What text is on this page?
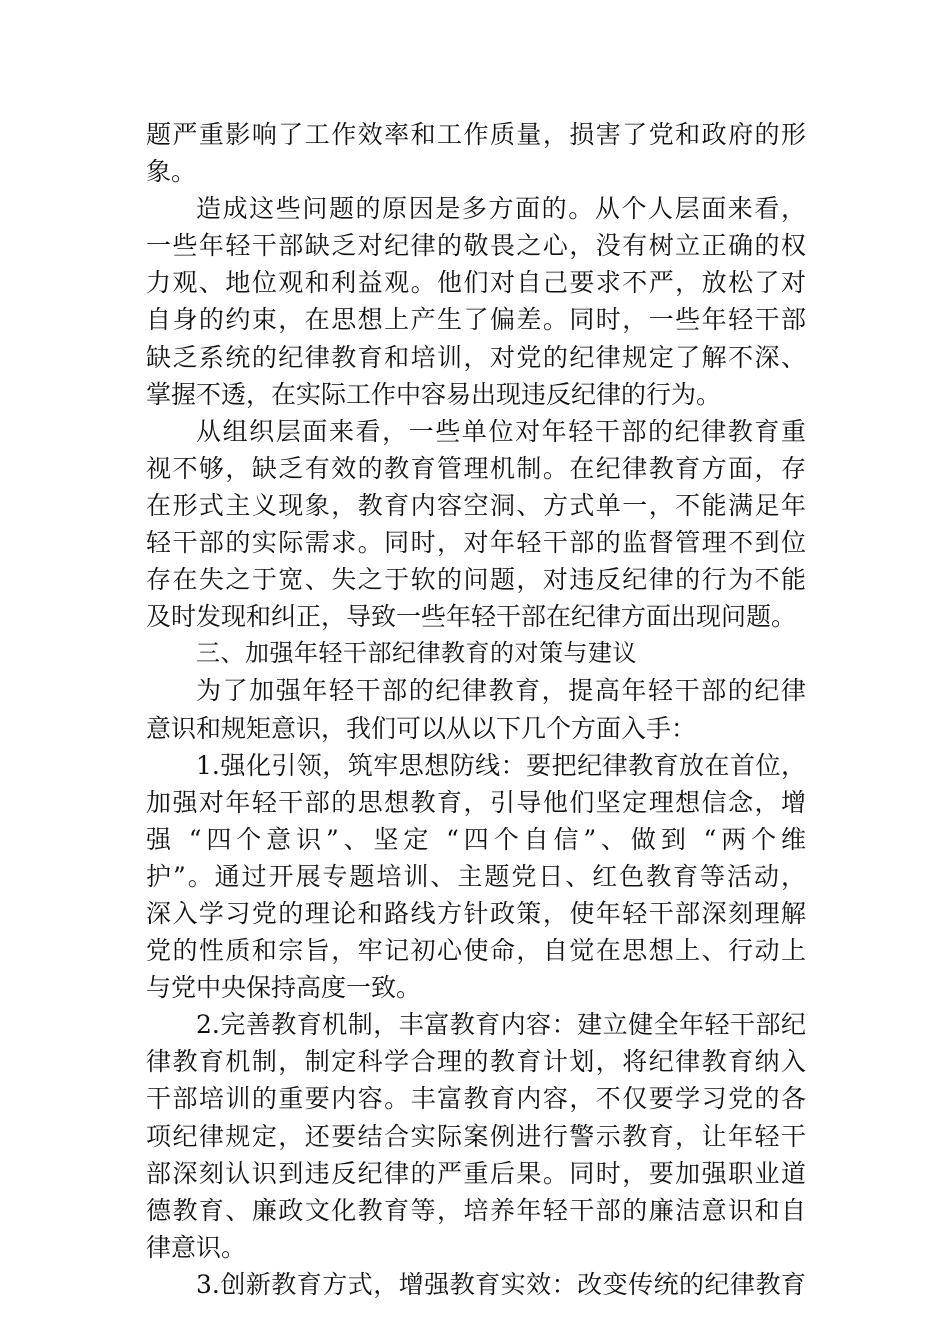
题严重影响了工作效率和工作质量，损害了党和政府的形
象。
造成这些问题的原因是多方面的。从个人层面来看，
一些年轻干部缺乏对纪律的敬畏之心，没有树立正确的权
力观、地位观和利益观。他们对自己要求不严，放松了对
自身的约束，在思想上产生了偏差。同时，一些年轻干部
缺乏系统的纪律教育和培训，对党的纪律规定了解不深、
掌握不透，在实际工作中容易出现违反纪律的行为。
从组织层面来看，一些单位对年轻干部的纪律教育重
视不够，缺乏有效的教育管理机制。在纪律教育方面，存
在形式主义现象，教育内容空洞、方式单一，不能满足年
轻干部的实际需求。同时，对年轻干部的监督管理不到位
存在失之于宽、失之于软的问题，对违反纪律的行为不能
及时发现和纠正，导致一些年轻干部在纪律方面出现问题。
三、加强年轻干部纪律教育的对策与建议
为了加强年轻干部的纪律教育，提高年轻干部的纪律
意识和规矩意识，我们可以从以下几个方面入手：
1.强化引领，筑牢思想防线：要把纪律教育放在首位，
加强对年轻干部的思想教育，引导他们坚定理想信念，增
强 “四个意识”、坚定 “四个自信”、做到 “两个维
护”。通过开展专题培训、主题党日、红色教育等活动，
深入学习党的理论和路线方针政策，使年轻干部深刻理解
党的性质和宗旨，牢记初心使命，自觉在思想上、行动上
与党中央保持高度一致。
2.完善教育机制，丰富教育内容：建立健全年轻干部纪
律教育机制，制定科学合理的教育计划，将纪律教育纳入
干部培训的重要内容。丰富教育内容，不仅要学习党的各
项纪律规定，还要结合实际案例进行警示教育，让年轻干
部深刻认识到违反纪律的严重后果。同时，要加强职业道
德教育、廉政文化教育等，培养年轻干部的廉洁意识和自
律意识。
3.创新教育方式，增强教育实效：改变传统的纪律教育
